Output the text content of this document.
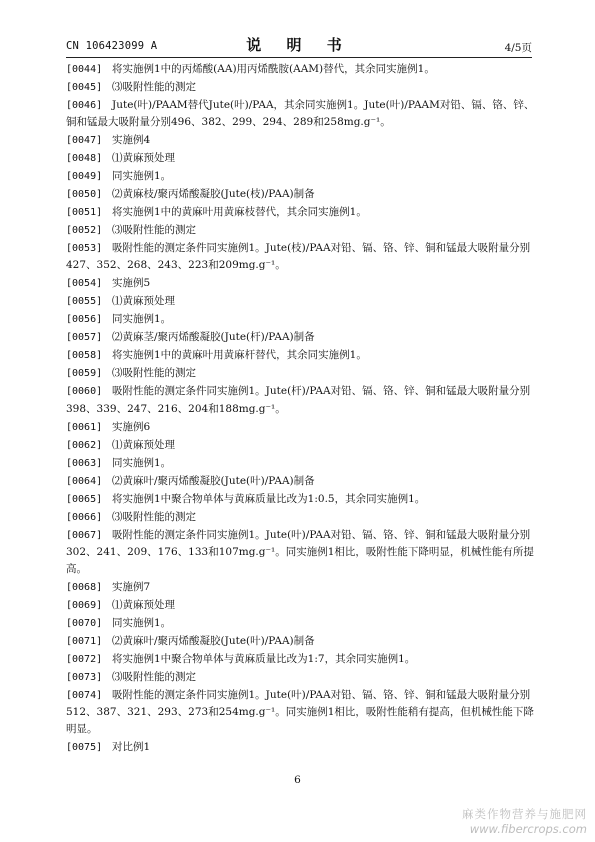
CN 106423099 A	说 明 书	4/5页
[0044] 将实施例1中的丙烯酸(AA)用丙烯酰胺(AAM)替代，其余同实施例1。
[0045] ⑶吸附性能的测定
[0046] Jute(叶)/PAAM替代Jute(叶)/PAA，其余同实施例1。Jute(叶)/PAAM对铅、镉、铬、锌、铜和锰最大吸附量分别496、382、299、294、289和258mg.g⁻¹。
[0047] 实施例4
[0048] ⑴黄麻预处理
[0049] 同实施例1。
[0050] ⑵黄麻枝/聚丙烯酸凝胶(Jute(枝)/PAA)制备
[0051] 将实施例1中的黄麻叶用黄麻枝替代，其余同实施例1。
[0052] ⑶吸附性能的测定
[0053] 吸附性能的测定条件同实施例1。Jute(枝)/PAA对铅、镉、铬、锌、铜和锰最大吸附量分别427、352、268、243、223和209mg.g⁻¹。
[0054] 实施例5
[0055] ⑴黄麻预处理
[0056] 同实施例1。
[0057] ⑵黄麻茎/聚丙烯酸凝胶(Jute(杆)/PAA)制备
[0058] 将实施例1中的黄麻叶用黄麻杆替代，其余同实施例1。
[0059] ⑶吸附性能的测定
[0060] 吸附性能的测定条件同实施例1。Jute(杆)/PAA对铅、镉、铬、锌、铜和锰最大吸附量分别398、339、247、216、204和188mg.g⁻¹。
[0061] 实施例6
[0062] ⑴黄麻预处理
[0063] 同实施例1。
[0064] ⑵黄麻叶/聚丙烯酸凝胶(Jute(叶)/PAA)制备
[0065] 将实施例1中聚合物单体与黄麻质量比改为1:0.5，其余同实施例1。
[0066] ⑶吸附性能的测定
[0067] 吸附性能的测定条件同实施例1。Jute(叶)/PAA对铅、镉、铬、锌、铜和锰最大吸附量分别302、241、209、176、133和107mg.g⁻¹。同实施例1相比，吸附性能下降明显，机械性能有所提高。
[0068] 实施例7
[0069] ⑴黄麻预处理
[0070] 同实施例1。
[0071] ⑵黄麻叶/聚丙烯酸凝胶(Jute(叶)/PAA)制备
[0072] 将实施例1中聚合物单体与黄麻质量比改为1:7，其余同实施例1。
[0073] ⑶吸附性能的测定
[0074] 吸附性能的测定条件同实施例1。Jute(叶)/PAA对铅、镉、铬、锌、铜和锰最大吸附量分别512、387、321、293、273和254mg.g⁻¹。同实施例1相比，吸附性能稍有提高，但机械性能下降明显。
[0075] 对比例1
6
麻类作物营养与施肥网
www.fibercrops.com
